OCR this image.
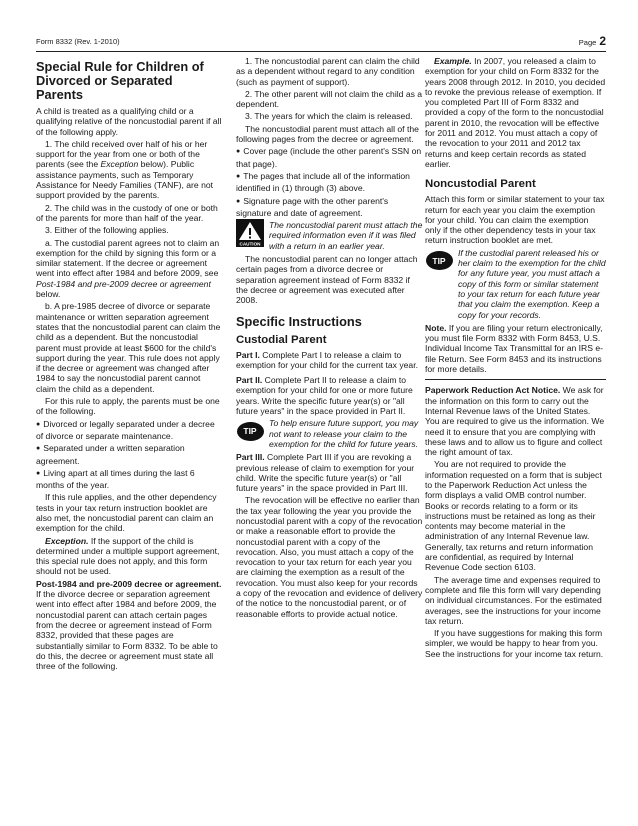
Form 8332 (Rev. 1-2010)	Page 2
Special Rule for Children of Divorced or Separated Parents

A child is treated as a qualifying child or a qualifying relative of the noncustodial parent if all of the following apply.

1. The child received over half of his or her support for the year from one or both of the parents (see the Exception below). Public assistance payments, such as Temporary Assistance for Needy Families (TANF), are not support provided by the parents.

2. The child was in the custody of one or both of the parents for more than half of the year.

3. Either of the following applies.

a. The custodial parent agrees not to claim an exemption for the child by signing this form or a similar statement. If the decree or agreement went into effect after 1984 and before 2009, see Post-1984 and pre-2009 decree or agreement below.

b. A pre-1985 decree of divorce or separate maintenance or written separation agreement states that the noncustodial parent can claim the child as a dependent. But the noncustodial parent must provide at least $600 for the child's support during the year. This rule does not apply if the decree or agreement was changed after 1984 to say the noncustodial parent cannot claim the child as a dependent.

For this rule to apply, the parents must be one of the following.

● Divorced or legally separated under a decree of divorce or separate maintenance.

● Separated under a written separation agreement.

● Living apart at all times during the last 6 months of the year.

If this rule applies, and the other dependency tests in your tax return instruction booklet are also met, the noncustodial parent can claim an exemption for the child.

Exception. If the support of the child is determined under a multiple support agreement, this special rule does not apply, and this form should not be used.

Post-1984 and pre-2009 decree or agreement. If the divorce decree or separation agreement went into effect after 1984 and before 2009, the noncustodial parent can attach certain pages from the decree or agreement instead of Form 8332, provided that these pages are substantially similar to Form 8332. To be able to do this, the decree or agreement must state all three of the following.

1. The noncustodial parent can claim the child as a dependent without regard to any condition (such as payment of support).

2. The other parent will not claim the child as a dependent.

3. The years for which the claim is released.

The noncustodial parent must attach all of the following pages from the decree or agreement.

● Cover page (include the other parent's SSN on that page).

● The pages that include all of the information identified in (1) through (3) above.

● Signature page with the other parent's signature and date of agreement.

CAUTION
The noncustodial parent must attach the required information even if it was filed with a return in an earlier year.

The noncustodial parent can no longer attach certain pages from a divorce decree or separation agreement instead of Form 8332 if the decree or agreement was executed after 2008.

Specific Instructions
Custodial Parent

Part I. Complete Part I to release a claim to exemption for your child for the current tax year.

Part II. Complete Part II to release a claim to exemption for your child for one or more future years. Write the specific future year(s) or "all future years" in the space provided in Part II.

TIP
To help ensure future support, you may not want to release your claim to the exemption for the child for future years.

Part III. Complete Part III if you are revoking a previous release of claim to exemption for your child. Write the specific future year(s) or "all future years" in the space provided in Part III.

The revocation will be effective no earlier than the tax year following the year you provide the noncustodial parent with a copy of the revocation or make a reasonable effort to provide the noncustodial parent with a copy of the revocation. Also, you must attach a copy of the revocation to your tax return for each year you are claiming the exemption as a result of the revocation. You must also keep for your records a copy of the revocation and evidence of delivery of the notice to the noncustodial parent, or of reasonable efforts to provide actual notice.

Example. In 2007, you released a claim to exemption for your child on Form 8332 for the years 2008 through 2012. In 2010, you decided to revoke the previous release of exemption. If you completed Part III of Form 8332 and provided a copy of the form to the noncustodial parent in 2010, the revocation will be effective for 2011 and 2012. You must attach a copy of the revocation to your 2011 and 2012 tax returns and keep certain records as stated earlier.

Noncustodial Parent

Attach this form or similar statement to your tax return for each year you claim the exemption for your child. You can claim the exemption only if the other dependency tests in your tax return instruction booklet are met.

TIP
If the custodial parent released his or her claim to the exemption for the child for any future year, you must attach a copy of this form or similar statement to your tax return for each future year that you claim the exemption. Keep a copy for your records.

Note. If you are filing your return electronically, you must file Form 8332 with Form 8453, U.S. Individual Income Tax Transmittal for an IRS e-file Return. See Form 8453 and its instructions for more details.

Paperwork Reduction Act Notice. We ask for the information on this form to carry out the Internal Revenue laws of the United States. You are required to give us the information. We need it to ensure that you are complying with these laws and to allow us to figure and collect the right amount of tax.

You are not required to provide the information requested on a form that is subject to the Paperwork Reduction Act unless the form displays a valid OMB control number. Books or records relating to a form or its instructions must be retained as long as their contents may become material in the administration of any Internal Revenue law. Generally, tax returns and return information are confidential, as required by Internal Revenue Code section 6103.

The average time and expenses required to complete and file this form will vary depending on individual circumstances. For the estimated averages, see the instructions for your income tax return.

If you have suggestions for making this form simpler, we would be happy to hear from you. See the instructions for your income tax return.
